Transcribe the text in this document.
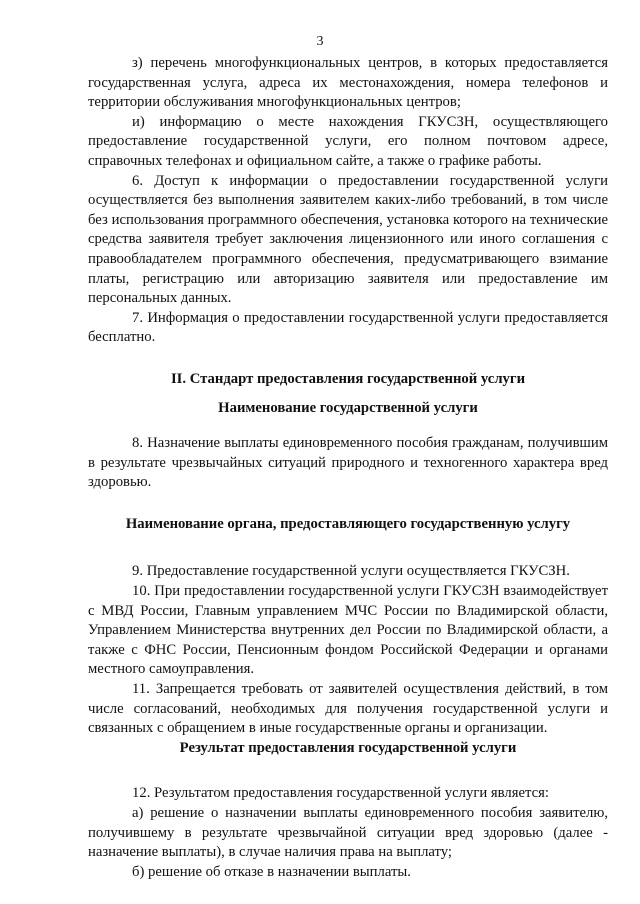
3

з) перечень многофункциональных центров, в которых предоставляется государственная услуга, адреса их местонахождения, номера телефонов и территории обслуживания многофункциональных центров;

и) информацию о месте нахождения ГКУСЗН, осуществляющего предоставление государственной услуги, его полном почтовом адресе, справочных телефонах и официальном сайте, а также о графике работы.

6. Доступ к информации о предоставлении государственной услуги осуществляется без выполнения заявителем каких-либо требований, в том числе без использования программного обеспечения, установка которого на технические средства заявителя требует заключения лицензионного или иного соглашения с правообладателем программного обеспечения, предусматривающего взимание платы, регистрацию или авторизацию заявителя или предоставление им персональных данных.

7. Информация о предоставлении государственной услуги предоставляется бесплатно.

II. Стандарт предоставления государственной услуги

Наименование государственной услуги

8. Назначение выплаты единовременного пособия гражданам, получившим в результате чрезвычайных ситуаций природного и техногенного характера вред здоровью.

Наименование органа, предоставляющего государственную услугу

9. Предоставление государственной услуги осуществляется ГКУСЗН.

10. При предоставлении государственной услуги ГКУСЗН взаимодействует с МВД России, Главным управлением МЧС России по Владимирской области, Управлением Министерства внутренних дел России по Владимирской области, а также с ФНС России, Пенсионным фондом Российской Федерации и органами местного самоуправления.

11. Запрещается требовать от заявителей осуществления действий, в том числе согласований, необходимых для получения государственной услуги и связанных с обращением в иные государственные органы и организации.

Результат предоставления государственной услуги

12. Результатом предоставления государственной услуги является:

а) решение о назначении выплаты единовременного пособия заявителю, получившему в результате чрезвычайной ситуации вред здоровью (далее - назначение выплаты), в случае наличия права на выплату;

б) решение об отказе в назначении выплаты.
